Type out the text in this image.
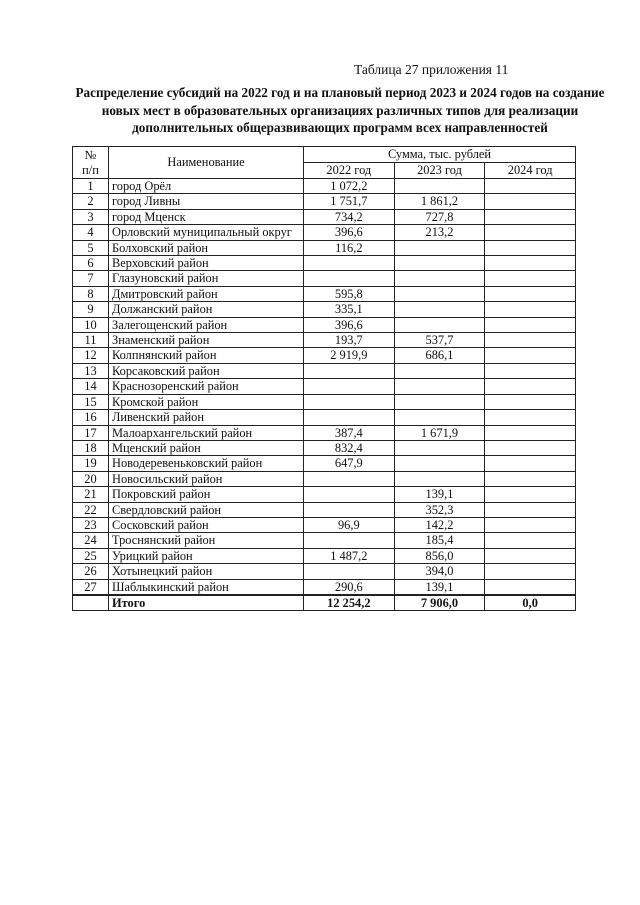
Таблица 27 приложения 11
Распределение субсидий на 2022 год и на плановый период 2023 и 2024 годов на создание новых мест в образовательных организациях различных типов для реализации дополнительных общеразвивающих программ всех направленностей
№
п/п	Наименование	Сумма, тыс. рублей		
		2022 год	2023 год	2024 год
1	город Орёл	1 072,2		
2	город Ливны	1 751,7	1 861,2	
3	город Мценск	734,2	727,8	
4	Орловский муниципальный округ	396,6	213,2	
5	Болховский район	116,2		
6	Верховский район			
7	Глазуновский район			
8	Дмитровский район	595,8		
9	Должанский район	335,1		
10	Залегощенский район	396,6		
11	Знаменский район	193,7	537,7	
12	Колпнянский район	2 919,9	686,1	
13	Корсаковский район			
14	Краснозоренский район			
15	Кромской район			
16	Ливенский район			
17	Малоархангельский район	387,4	1 671,9	
18	Мценский район	832,4		
19	Новодеревеньковский район	647,9		
20	Новосильский район			
21	Покровский район		139,1	
22	Свердловский район		352,3	
23	Сосковский район	96,9	142,2	
24	Троснянский район		185,4	
25	Урицкий район	1 487,2	856,0	
26	Хотынецкий район		394,0	
27	Шаблыкинский район	290,6	139,1	
	Итого	12 254,2	7 906,0	0,0
